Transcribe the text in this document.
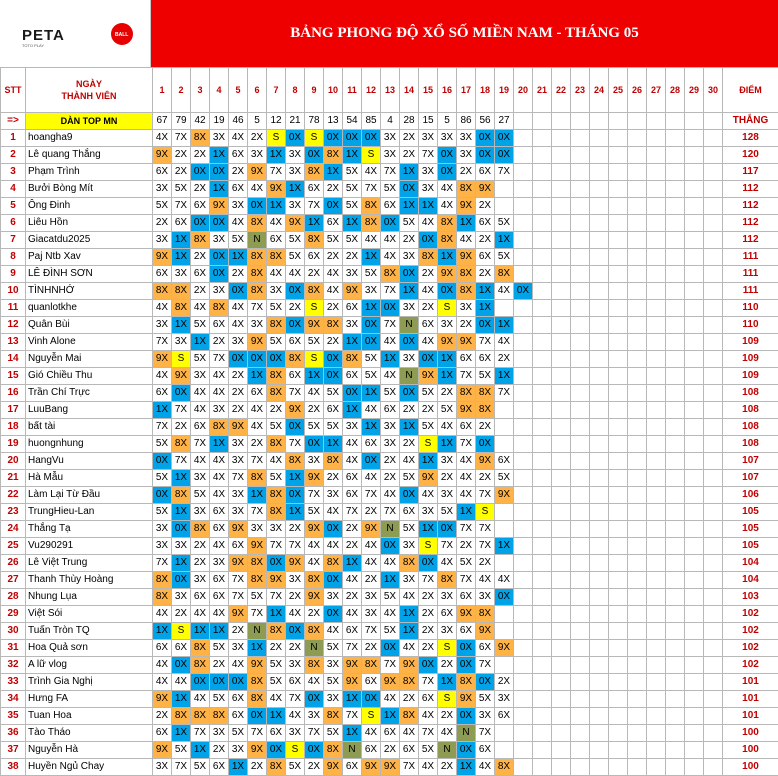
PETA
TOTO PLAY
BALL	BẢNG PHONG ĐỘ XỔ SỐ MIỀN NAM - THÁNG 05
STT	NGÀY
THÀNH VIÊN	1	2	3	4	5	6	7	8	9	10	11	12	13	14	15	16	17	18	19	20	21	22	23	24	25	26	27	28	29	30	ĐIỂM
=>	DÀN TOP MN	67	79	42	19	46	5	12	21	78	13	54	85	4	28	15	5	86	56	27												THẮNG
1	hoangha9	4X	7X	8X	3X	4X	2X	S	0X	S	0X	0X	0X	3X	2X	3X	3X	3X	0X	0X												128
2	Lê quang Thắng	9X	2X	2X	1X	6X	3X	1X	3X	0X	8X	1X	S	3X	2X	7X	0X	3X	0X	0X												120
3	Phạm Trình	6X	2X	0X	0X	2X	9X	7X	3X	8X	1X	5X	4X	7X	1X	3X	0X	2X	6X	7X												117
4	Bưởi Bòng Mít	3X	5X	2X	1X	6X	4X	9X	1X	6X	2X	5X	7X	5X	0X	3X	4X	8X	9X													112
5	Ông Đinh	5X	7X	6X	9X	3X	0X	1X	3X	7X	0X	5X	8X	6X	1X	1X	4X	9X	2X													112
6	Liêu Hồn	2X	6X	0X	0X	4X	8X	4X	9X	1X	6X	1X	8X	0X	5X	4X	8X	1X	6X	5X												112
7	Giacatdu2025	3X	1X	8X	3X	5X	N	6X	5X	8X	5X	5X	4X	4X	2X	0X	8X	4X	2X	1X												112
8	Paj Ntb Xav	9X	1X	2X	0X	1X	8X	8X	5X	6X	2X	2X	1X	4X	3X	8X	1X	9X	6X	5X												111
9	LÊ ĐÌNH SƠN	6X	3X	6X	0X	2X	8X	4X	4X	2X	4X	3X	5X	8X	0X	2X	9X	8X	2X	8X												111
10	TÌNHNHỚ	8X	8X	2X	3X	0X	8X	3X	0X	8X	4X	9X	3X	7X	1X	4X	0X	8X	1X	4X	0X											111
11	quanlotkhe	4X	8X	4X	8X	4X	7X	5X	2X	S	2X	6X	1X	0X	3X	2X	S	3X	1X													110
12	Quân Bùi	3X	1X	5X	6X	4X	3X	8X	0X	9X	8X	3X	0X	7X	N	6X	3X	2X	0X	1X												110
13	Vinh Alone	7X	3X	1X	2X	3X	9X	5X	6X	5X	2X	1X	0X	4X	0X	4X	9X	9X	7X	4X												109
14	Nguyễn Mai	9X	S	5X	7X	0X	0X	0X	8X	S	0X	8X	5X	1X	3X	0X	1X	6X	6X	2X												109
15	Gió Chiều Thu	4X	9X	3X	4X	2X	1X	8X	6X	1X	0X	6X	5X	4X	N	9X	1X	7X	5X	1X												109
16	Trần Chí Trực	6X	0X	4X	4X	2X	6X	8X	7X	4X	5X	0X	1X	5X	0X	5X	2X	8X	8X	7X												108
17	LuuBang	1X	7X	4X	3X	2X	4X	2X	9X	2X	6X	1X	4X	6X	2X	2X	5X	9X	8X													108
18	bất tài	7X	2X	6X	8X	9X	4X	5X	0X	5X	5X	3X	1X	3X	1X	5X	4X	6X	2X													108
19	huongnhung	5X	8X	7X	1X	3X	2X	8X	7X	0X	1X	4X	6X	3X	2X	S	1X	7X	0X													108
20	HangVu	0X	7X	4X	4X	3X	7X	4X	8X	3X	8X	4X	0X	2X	4X	1X	3X	4X	9X	6X												107
21	Hà Mẫu	5X	1X	3X	4X	7X	8X	5X	1X	9X	2X	6X	4X	2X	5X	9X	2X	4X	2X	5X												107
22	Làm Lại Từ Đầu	0X	8X	5X	4X	3X	1X	8X	0X	7X	3X	6X	7X	4X	0X	4X	3X	4X	7X	9X												106
23	TrungHieu-Lan	5X	1X	3X	6X	3X	7X	8X	1X	5X	4X	7X	2X	7X	6X	3X	5X	1X	S													105
24	Thắng Tạ	3X	0X	8X	6X	9X	3X	3X	2X	9X	0X	2X	9X	N	5X	1X	0X	7X	7X													105
25	Vu290291	3X	3X	2X	4X	6X	9X	7X	7X	4X	4X	2X	4X	0X	3X	S	7X	2X	7X	1X												105
26	Lê Việt Trung	7X	1X	2X	3X	9X	8X	0X	9X	4X	8X	1X	4X	4X	8X	0X	4X	5X	2X													104
27	Thanh Thùy Hoàng	8X	0X	3X	6X	7X	8X	9X	3X	8X	0X	4X	2X	1X	3X	7X	8X	7X	4X	4X												104
28	Nhung Lụa	8X	3X	6X	6X	7X	5X	7X	2X	9X	3X	2X	3X	5X	4X	2X	3X	6X	3X	0X												103
29	Việt Sói	4X	2X	4X	4X	9X	7X	1X	4X	2X	0X	4X	3X	4X	1X	2X	6X	9X	8X													102
30	Tuấn Tròn TQ	1X	S	1X	1X	2X	N	8X	0X	8X	4X	6X	7X	5X	1X	2X	3X	6X	9X													102
31	Hoa Quả sơn	6X	6X	8X	5X	3X	1X	2X	2X	N	5X	7X	2X	0X	4X	2X	S	0X	6X	9X												102
32	A lữ vlog	4X	0X	8X	2X	4X	9X	5X	3X	8X	3X	9X	8X	7X	9X	0X	2X	0X	7X													102
33	Trình Gia Nghị	4X	4X	0X	0X	0X	8X	5X	6X	4X	5X	9X	6X	9X	8X	7X	1X	8X	0X	2X												101
34	Hưng FA	9X	1X	4X	5X	6X	8X	4X	7X	0X	3X	1X	0X	4X	2X	6X	S	9X	5X	3X												101
35	Tuan Hoa	2X	8X	8X	8X	6X	0X	1X	4X	3X	8X	7X	S	1X	8X	4X	2X	0X	3X	6X												101
36	Tào Tháo	6X	1X	7X	3X	5X	7X	6X	3X	7X	5X	1X	4X	6X	4X	7X	4X	N	7X													100
37	Nguyễn Hà	9X	5X	1X	2X	3X	9X	0X	S	0X	8X	N	6X	2X	6X	5X	N	0X	6X													100
38	Huyền Ngủ Chay	3X	7X	5X	6X	1X	2X	8X	5X	2X	9X	6X	9X	9X	7X	4X	2X	1X	4X	8X												100
